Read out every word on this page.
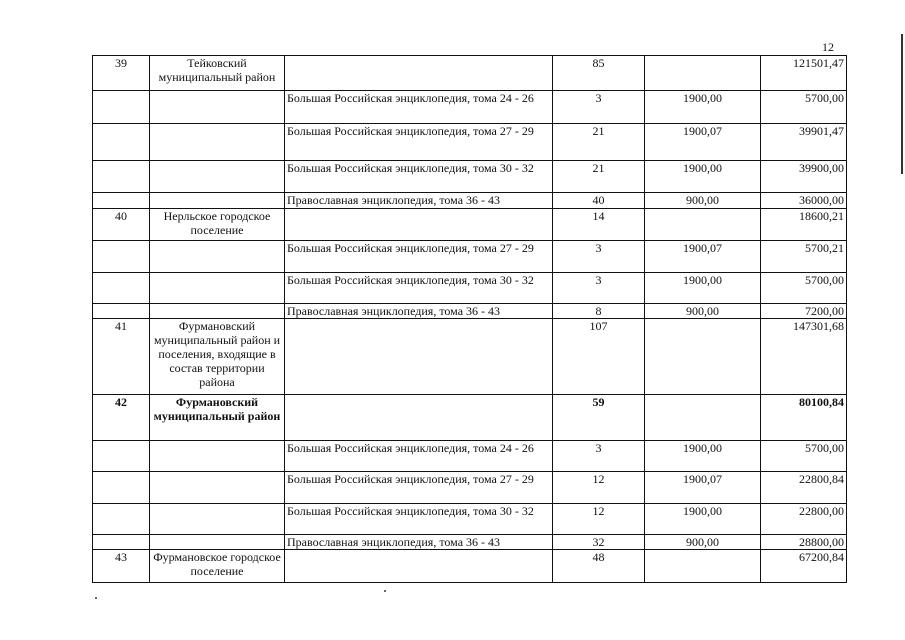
12
39	Тейковский муниципальный район		85		121501,47
		Большая Российская энциклопедия, тома 24 - 26	3	1900,00	5700,00
		Большая Российская энциклопедия, тома 27 - 29	21	1900,07	39901,47
		Большая Российская энциклопедия, тома 30 - 32	21	1900,00	39900,00
		Православная энциклопедия, тома 36 - 43	40	900,00	36000,00
40	Нерльское городское поселение		14		18600,21
		Большая Российская энциклопедия, тома 27 - 29	3	1900,07	5700,21
		Большая Российская энциклопедия, тома 30 - 32	3	1900,00	5700,00
		Православная энциклопедия, тома 36 - 43	8	900,00	7200,00
41	Фурмановский муниципальный район и поселения, входящие в состав территории района		107		147301,68
42	Фурмановский муниципальный район		59		80100,84
		Большая Российская энциклопедия, тома 24 - 26	3	1900,00	5700,00
		Большая Российская энциклопедия, тома 27 - 29	12	1900,07	22800,84
		Большая Российская энциклопедия, тома 30 - 32	12	1900,00	22800,00
		Православная энциклопедия, тома 36 - 43	32	900,00	28800,00
43	Фурмановское городское поселение		48		67200,84
